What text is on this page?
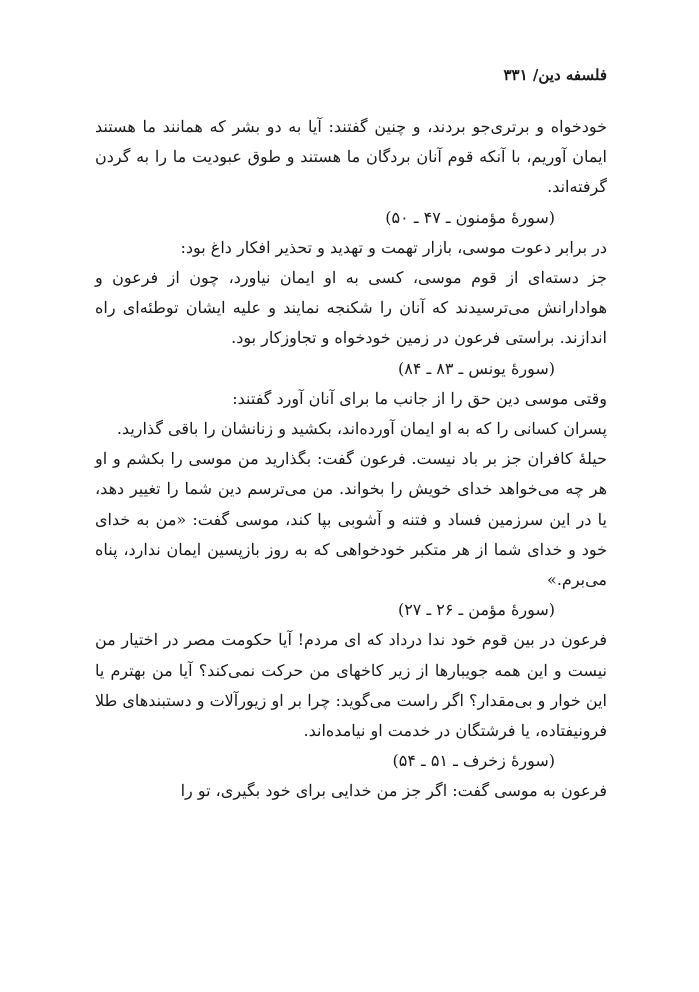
فلسفه دین/ ۳۳۱

خودخواه و برتری‌جو بردند، و چنین گفتند: آیا به دو بشر که همانند ما هستند ایمان آوریم، با آنکه قوم آنان بردگان ما هستند و طوق عبودیت ما را به گردن گرفته‌اند.

(سورهٔ مؤمنون ـ ۴۷ ـ ۵۰)

در برابر دعوت موسی، بازار تهمت و تهدید و تحذیر افکار داغ بود:

جز دسته‌ای از قوم موسی، کسی به او ایمان نیاورد، چون از فرعون و هوادارانش می‌ترسیدند که آنان را شکنجه نمایند و علیه ایشان توطئه‌ای راه اندازند. براستی فرعون در زمین خودخواه و تجاوزکار بود.

(سورهٔ یونس ـ ۸۳ ـ ۸۴)

وقتی موسی دین حق را از جانب ما برای آنان آورد گفتند:

پسران کسانی را که به او ایمان آورده‌اند، بکشید و زنانشان را باقی گذارید.

حیلهٔ کافران جز بر باد نیست. فرعون گفت: بگذارید من موسی را بکشم و او هر چه می‌خواهد خدای خویش را بخواند. من می‌ترسم دین شما را تغییر دهد، یا در این سرزمین فساد و فتنه و آشوبی بپا کند، موسی گفت: «من به خدای خود و خدای شما از هر متکبر خودخواهی که به روز بازپسین ایمان ندارد، پناه می‌برم.»

(سورهٔ مؤمن ـ ۲۶ ـ ۲۷)

فرعون در بین قوم خود ندا درداد که ای مردم! آیا حکومت مصر در اختیار من نیست و این همه جویبارها از زیر کاخهای من حرکت نمی‌کند؟ آیا من بهترم یا این خوار و بی‌مقدار؟ اگر راست می‌گوید: چرا بر او زیورآلات و دستبندهای طلا فرونیفتاده، یا فرشتگان در خدمت او نیامده‌اند.

(سورهٔ زخرف ـ ۵۱ ـ ۵۴)

فرعون به موسی گفت: اگر جز من خدایی برای خود بگیری، تو را
